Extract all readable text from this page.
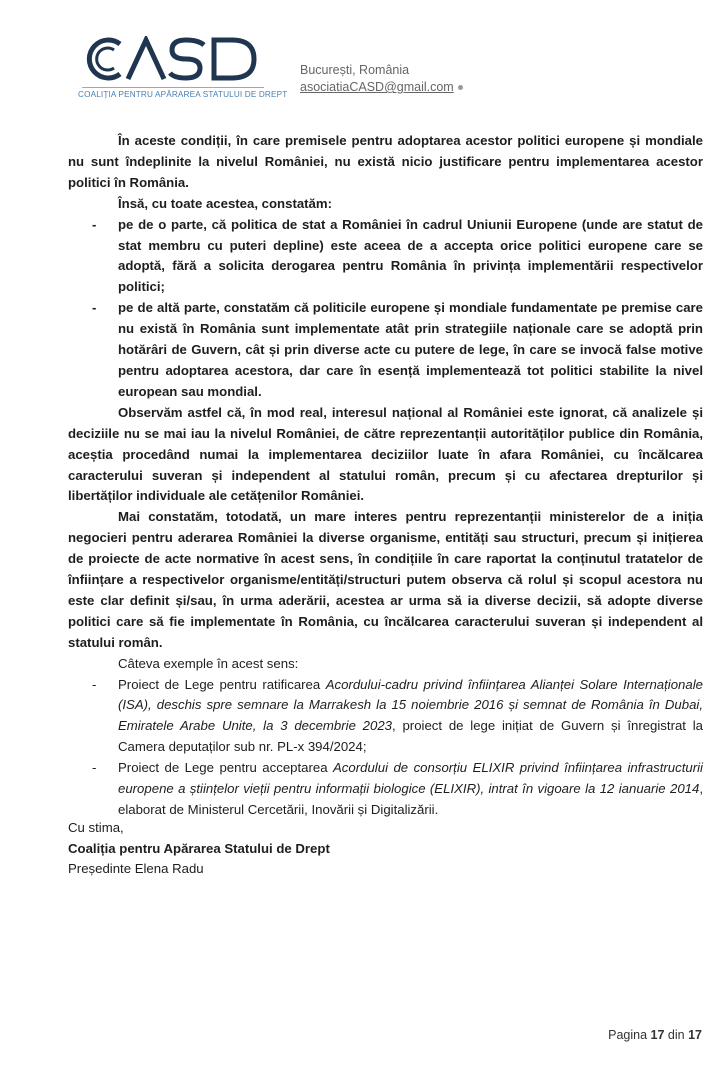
COALIȚIA PENTRU APĂRAREA STATULUI DE DREPT
București, România
asociatiaCASD@gmail.com

În aceste condiții, în care premisele pentru adoptarea acestor politici europene și mondiale nu sunt îndeplinite la nivelul României, nu există nicio justificare pentru implementarea acestor politici în România.

Însă, cu toate acestea, constatăm:

- pe de o parte, că politica de stat a României în cadrul Uniunii Europene (unde are statut de stat membru cu puteri depline) este aceea de a accepta orice politici europene care se adoptă, fără a solicita derogarea pentru România în privința implementării respectivelor politici;

- pe de altă parte, constatăm că politicile europene și mondiale fundamentate pe premise care nu există în România sunt implementate atât prin strategiile naționale care se adoptă prin hotărâri de Guvern, cât și prin diverse acte cu putere de lege, în care se invocă false motive pentru adoptarea acestora, dar care în esență implementează tot politici stabilite la nivel european sau mondial.

Observăm astfel că, în mod real, interesul național al României este ignorat, că analizele și deciziile nu se mai iau la nivelul României, de către reprezentanții autorităților publice din România, aceștia procedând numai la implementarea deciziilor luate în afara României, cu încălcarea caracterului suveran și independent al statului român, precum și cu afectarea drepturilor și libertăților individuale ale cetățenilor României.

Mai constatăm, totodată, un mare interes pentru reprezentanții ministerelor de a iniția negocieri pentru aderarea României la diverse organisme, entități sau structuri, precum și inițierea de proiecte de acte normative în acest sens, în condițiile în care raportat la conținutul tratatelor de înființare a respectivelor organisme/entități/structuri putem observa că rolul și scopul acestora nu este clar definit și/sau, în urma aderării, acestea ar urma să ia diverse decizii, să adopte diverse politici care să fie implementate în România, cu încălcarea caracterului suveran și independent al statului român.

Câteva exemple în acest sens:

- Proiect de Lege pentru ratificarea Acordului-cadru privind înființarea Alianței Solare Internaționale (ISA), deschis spre semnare la Marrakesh la 15 noiembrie 2016 și semnat de România în Dubai, Emiratele Arabe Unite, la 3 decembrie 2023, proiect de lege inițiat de Guvern și înregistrat la Camera deputaților sub nr. PL-x 394/2024;

- Proiect de Lege pentru acceptarea Acordului de consorțiu ELIXIR privind înființarea infrastructurii europene a științelor vieții pentru informații biologice (ELIXIR), intrat în vigoare la 12 ianuarie 2014, elaborat de Ministerul Cercetării, Inovării și Digitalizării.

Cu stima,
Coaliția pentru Apărarea Statului de Drept
Președinte Elena Radu
Pagina 17 din 17
